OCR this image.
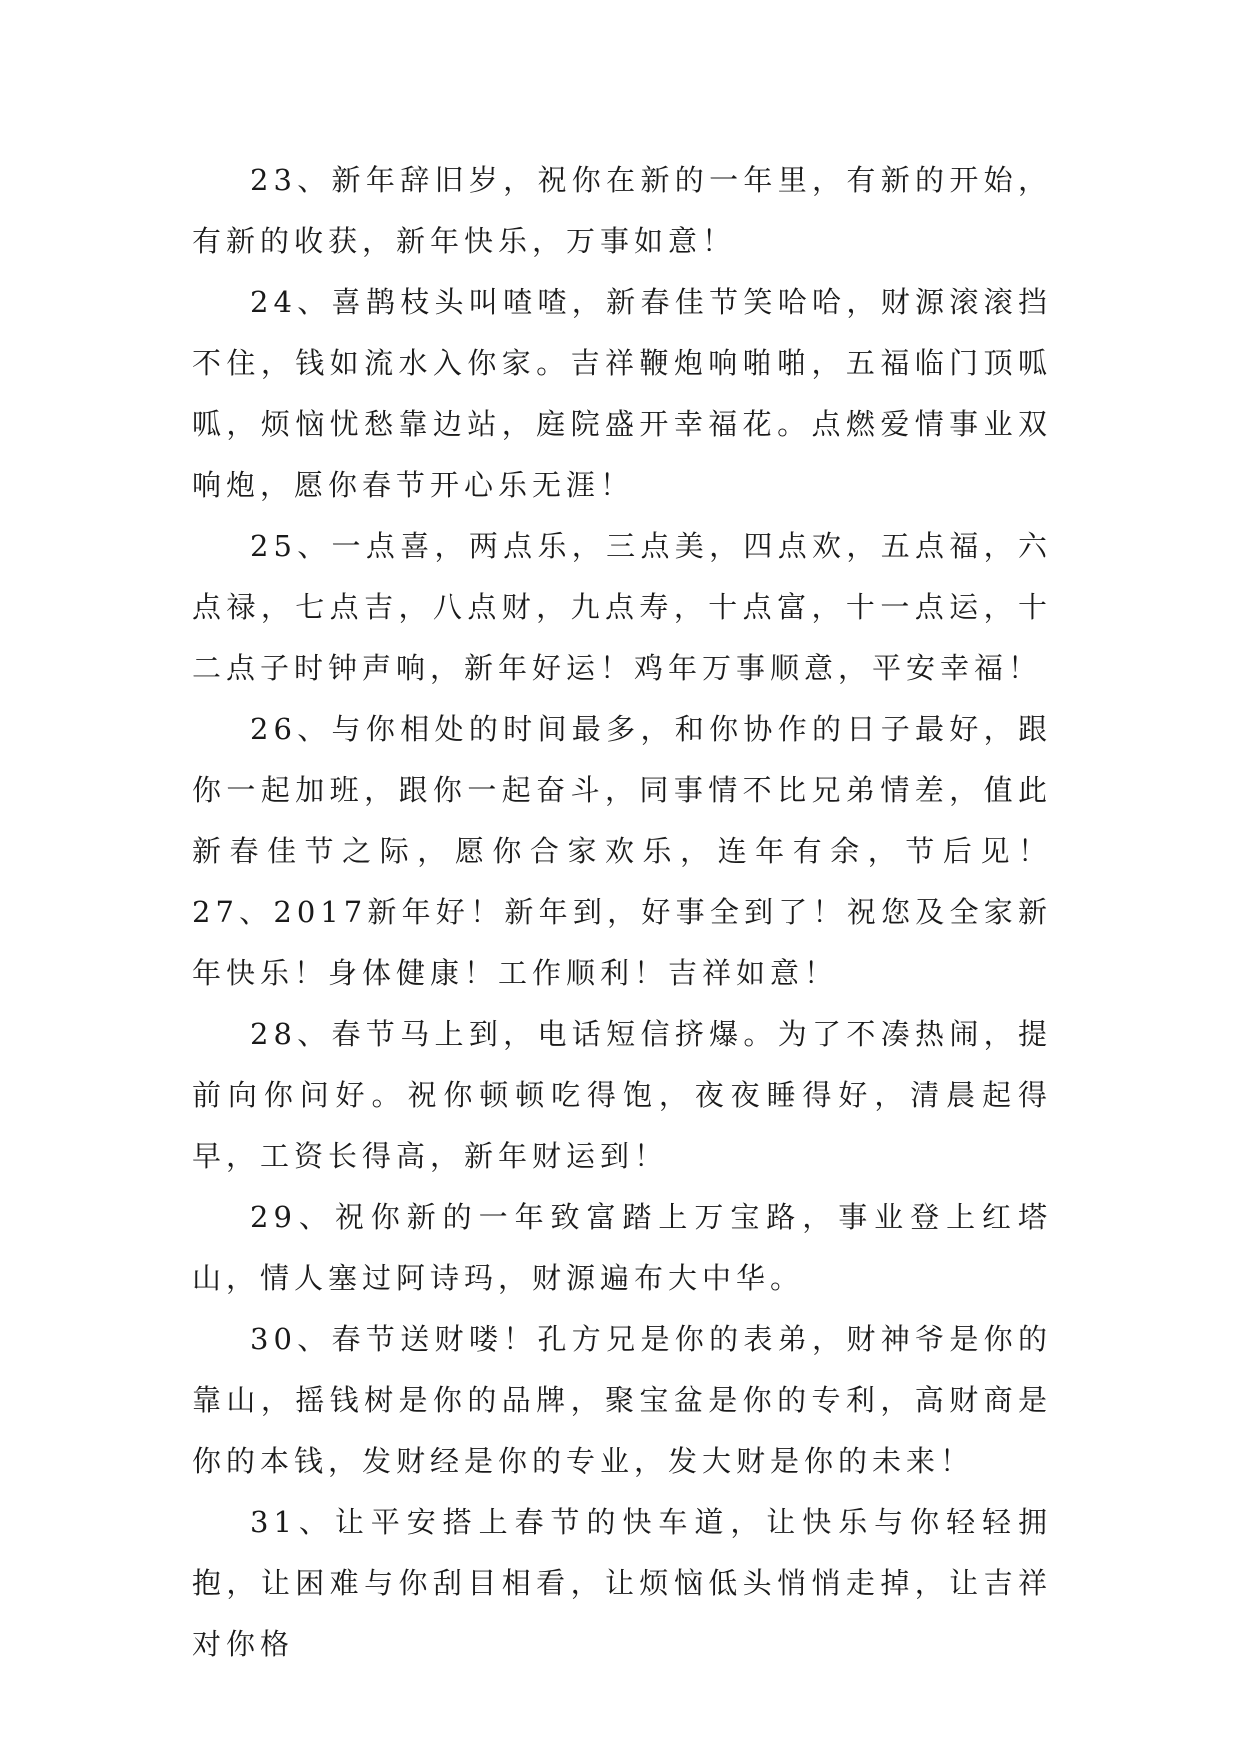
23、新年辞旧岁，祝你在新的一年里，有新的开始，有新的收获，新年快乐，万事如意！

24、喜鹊枝头叫喳喳，新春佳节笑哈哈，财源滚滚挡不住，钱如流水入你家。吉祥鞭炮响啪啪，五福临门顶呱呱，烦恼忧愁靠边站，庭院盛开幸福花。点燃爱情事业双响炮，愿你春节开心乐无涯！

25、一点喜，两点乐，三点美，四点欢，五点福，六点禄，七点吉，八点财，九点寿，十点富，十一点运，十二点子时钟声响，新年好运！鸡年万事顺意，平安幸福！

26、与你相处的时间最多，和你协作的日子最好，跟你一起加班，跟你一起奋斗，同事情不比兄弟情差，值此新春佳节之际，愿你合家欢乐，连年有余，节后见！27、2017新年好！新年到，好事全到了！祝您及全家新年快乐！身体健康！工作顺利！吉祥如意！

28、春节马上到，电话短信挤爆。为了不凑热闹，提前向你问好。祝你顿顿吃得饱，夜夜睡得好，清晨起得早，工资长得高，新年财运到！

29、祝你新的一年致富踏上万宝路，事业登上红塔山，情人塞过阿诗玛，财源遍布大中华。

30、春节送财喽！孔方兄是你的表弟，财神爷是你的靠山，摇钱树是你的品牌，聚宝盆是你的专利，高财商是你的本钱，发财经是你的专业，发大财是你的未来！

31、让平安搭上春节的快车道，让快乐与你轻轻拥抱，让困难与你刮目相看，让烦恼低头悄悄走掉，让吉祥对你格
